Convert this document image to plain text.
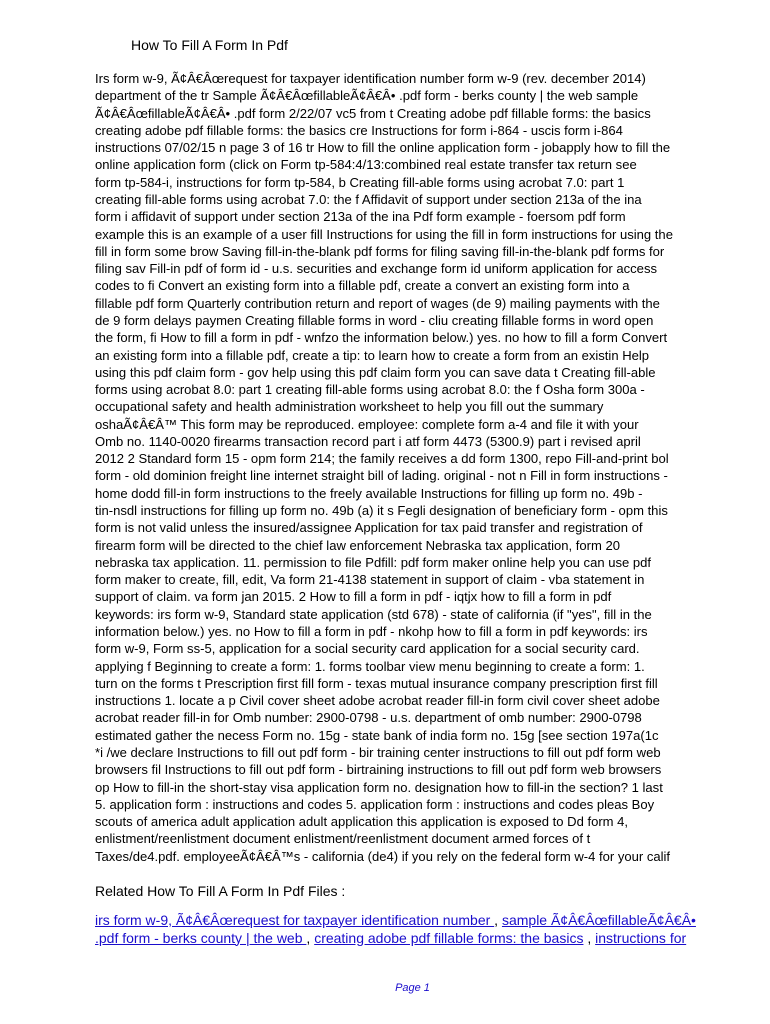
How To Fill A Form In Pdf
Irs form w-9, Ã¢Â€Âœrequest for taxpayer identification number form w-9 (rev. december 2014)
department of the tr Sample Ã¢Â€ÂœfillableÃ¢Â€Â• .pdf form - berks county | the web sample
Ã¢Â€ÂœfillableÃ¢Â€Â• .pdf form 2/22/07 vc5 from t Creating adobe pdf fillable forms: the basics
creating adobe pdf fillable forms: the basics cre Instructions for form i-864 - uscis form i-864
instructions 07/02/15 n page 3 of 16 tr How to fill the online application form - jobapply how to fill the
online application form (click on Form tp-584:4/13:combined real estate transfer tax return see
form tp-584-i, instructions for form tp-584, b Creating fill-able forms using acrobat 7.0: part 1
creating fill-able forms using acrobat 7.0: the f Affidavit of support under section 213a of the ina
form i affidavit of support under section 213a of the ina Pdf form example - foersom pdf form
example this is an example of a user fill Instructions for using the fill in form instructions for using the
fill in form some brow Saving fill-in-the-blank pdf forms for filing saving fill-in-the-blank pdf forms for
filing sav Fill-in pdf of form id - u.s. securities and exchange form id uniform application for access
codes to fi Convert an existing form into a fillable pdf, create a convert an existing form into a
fillable pdf form Quarterly contribution return and report of wages (de 9) mailing payments with the
de 9 form delays paymen Creating fillable forms in word - cliu creating fillable forms in word open
the form, fi How to fill a form in pdf - wnfzo the information below.) yes. no how to fill a form Convert
an existing form into a fillable pdf, create a tip: to learn how to create a form from an existin Help
using this pdf claim form - gov help using this pdf claim form you can save data t Creating fill-able
forms using acrobat 8.0: part 1 creating fill-able forms using acrobat 8.0: the f Osha form 300a -
occupational safety and health administration worksheet to help you fill out the summary
oshaÃ¢Â€Â™ This form may be reproduced. employee: complete form a-4 and file it with your
Omb no. 1140-0020 firearms transaction record part i atf form 4473 (5300.9) part i revised april
2012 2 Standard form 15 - opm form 214; the family receives a dd form 1300, repo Fill-and-print bol
form - old dominion freight line internet straight bill of lading. original - not n Fill in form instructions -
home dodd fill-in form instructions to the freely available Instructions for filling up form no. 49b -
tin-nsdl instructions for filling up form no. 49b (a) it s Fegli designation of beneficiary form - opm this
form is not valid unless the insured/assignee Application for tax paid transfer and registration of
firearm form will be directed to the chief law enforcement Nebraska tax application, form 20
nebraska tax application. 11. permission to file Pdfill: pdf form maker online help you can use pdf
form maker to create, fill, edit, Va form 21-4138 statement in support of claim - vba statement in
support of claim. va form jan 2015. 2 How to fill a form in pdf - iqtjx how to fill a form in pdf
keywords: irs form w-9, Standard state application (std 678) - state of california (if "yes", fill in the
information below.) yes. no How to fill a form in pdf - nkohp how to fill a form in pdf keywords: irs
form w-9, Form ss-5, application for a social security card application for a social security card.
applying f Beginning to create a form: 1. forms toolbar view menu beginning to create a form: 1.
turn on the forms t Prescription first fill form - texas mutual insurance company prescription first fill
instructions 1. locate a p Civil cover sheet adobe acrobat reader fill-in form civil cover sheet adobe
acrobat reader fill-in for Omb number: 2900-0798 - u.s. department of omb number: 2900-0798
estimated gather the necess Form no. 15g - state bank of india form no. 15g [see section 197a(1c
*i /we declare Instructions to fill out pdf form - bir training center instructions to fill out pdf form web
browsers fil Instructions to fill out pdf form - birtraining instructions to fill out pdf form web browsers
op How to fill-in the short-stay visa application form no. designation how to fill-in the section? 1 last
5. application form : instructions and codes 5. application form : instructions and codes pleas Boy
scouts of america adult application adult application this application is exposed to Dd form 4,
enlistment/reenlistment document enlistment/reenlistment document armed forces of t
Taxes/de4.pdf. employeeÃ¢Â€Â™s - california (de4) if you rely on the federal form w-4 for your calif
Related How To Fill A Form In Pdf Files :
irs form w-9, Ã¢Â€Âœrequest for taxpayer identification number , sample Ã¢Â€ÂœfillableÃ¢Â€Â•
.pdf form - berks county | the web , creating adobe pdf fillable forms: the basics , instructions for
Page 1
